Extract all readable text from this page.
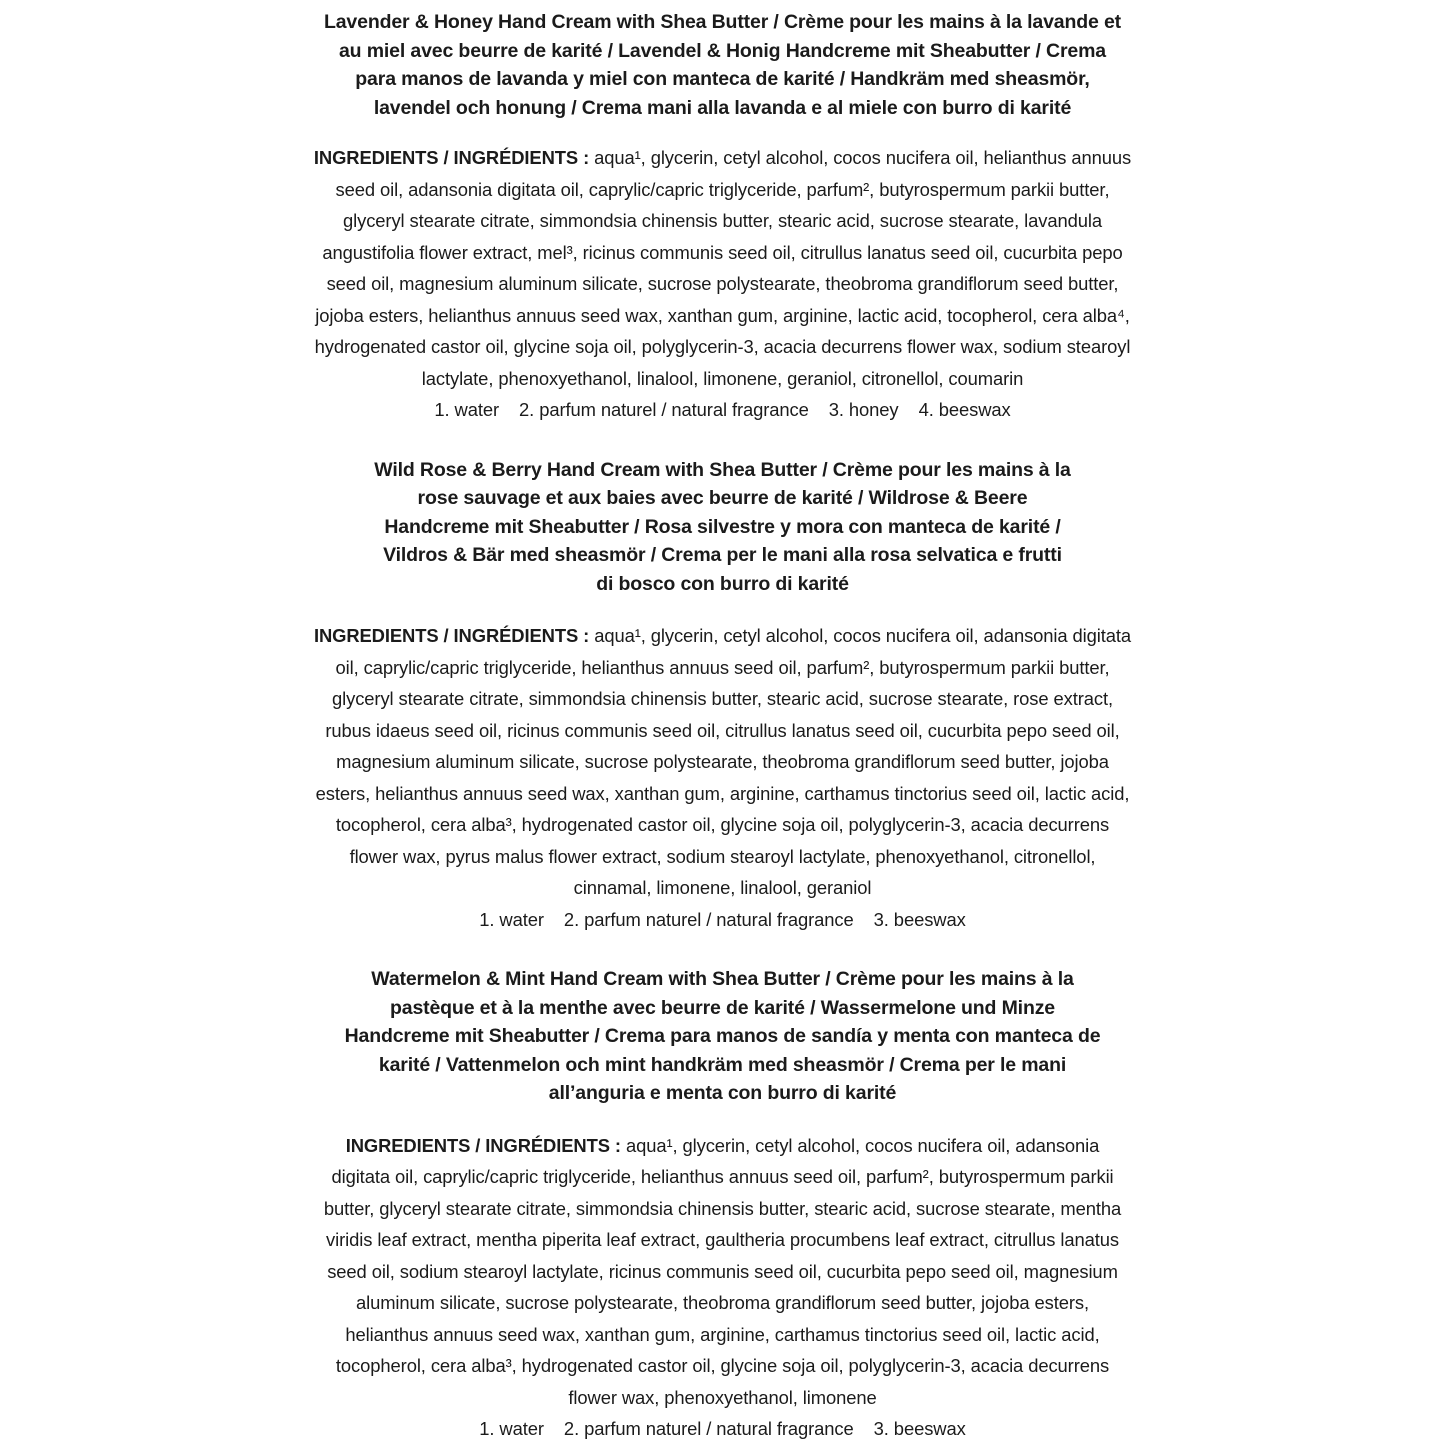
Lavender & Honey Hand Cream with Shea Butter / Crème pour les mains à la lavande et au miel avec beurre de karité / Lavendel & Honig Handcreme mit Sheabutter / Crema para manos de lavanda y miel con manteca de karité / Handkräm med sheasmör, lavendel och honung / Crema mani alla lavanda e al miele con burro di karité

INGREDIENTS / INGRÉDIENTS : aqua¹, glycerin, cetyl alcohol, cocos nucifera oil, helianthus annuus seed oil, adansonia digitata oil, caprylic/capric triglyceride, parfum², butyrospermum parkii butter, glyceryl stearate citrate, simmondsia chinensis butter, stearic acid, sucrose stearate, lavandula angustifolia flower extract, mel³, ricinus communis seed oil, citrullus lanatus seed oil, cucurbita pepo seed oil, magnesium aluminum silicate, sucrose polystearate, theobroma grandiflorum seed butter, jojoba esters, helianthus annuus seed wax, xanthan gum, arginine, lactic acid, tocopherol, cera alba⁴, hydrogenated castor oil, glycine soja oil, polyglycerin-3, acacia decurrens flower wax, sodium stearoyl lactylate, phenoxyethanol, linalool, limonene, geraniol, citronellol, coumarin

1. water    2. parfum naturel / natural fragrance    3. honey    4. beeswax

Wild Rose & Berry Hand Cream with Shea Butter / Crème pour les mains à la rose sauvage et aux baies avec beurre de karité / Wildrose & Beere Handcreme mit Sheabutter / Rosa silvestre y mora con manteca de karité / Vildros & Bär med sheasmör / Crema per le mani alla rosa selvatica e frutti di bosco con burro di karité

INGREDIENTS / INGRÉDIENTS : aqua¹, glycerin, cetyl alcohol, cocos nucifera oil, adansonia digitata oil, caprylic/capric triglyceride, helianthus annuus seed oil, parfum², butyrospermum parkii butter, glyceryl stearate citrate, simmondsia chinensis butter, stearic acid, sucrose stearate, rose extract, rubus idaeus seed oil, ricinus communis seed oil, citrullus lanatus seed oil, cucurbita pepo seed oil, magnesium aluminum silicate, sucrose polystearate, theobroma grandiflorum seed butter, jojoba esters, helianthus annuus seed wax, xanthan gum, arginine, carthamus tinctorius seed oil, lactic acid, tocopherol, cera alba³, hydrogenated castor oil, glycine soja oil, polyglycerin-3, acacia decurrens flower wax, pyrus malus flower extract, sodium stearoyl lactylate, phenoxyethanol, citronellol, cinnamal, limonene, linalool, geraniol

1. water    2. parfum naturel / natural fragrance    3. beeswax

Watermelon & Mint Hand Cream with Shea Butter / Crème pour les mains à la pastèque et à la menthe avec beurre de karité / Wassermelone und Minze Handcreme mit Sheabutter / Crema para manos de sandía y menta con manteca de karité / Vattenmelon och mint handkräm med sheasmör / Crema per le mani all’anguria e menta con burro di karité

INGREDIENTS / INGRÉDIENTS : aqua¹, glycerin, cetyl alcohol, cocos nucifera oil, adansonia digitata oil, caprylic/capric triglyceride, helianthus annuus seed oil, parfum², butyrospermum parkii butter, glyceryl stearate citrate, simmondsia chinensis butter, stearic acid, sucrose stearate, mentha viridis leaf extract, mentha piperita leaf extract, gaultheria procumbens leaf extract, citrullus lanatus seed oil, sodium stearoyl lactylate, ricinus communis seed oil, cucurbita pepo seed oil, magnesium aluminum silicate, sucrose polystearate, theobroma grandiflorum seed butter, jojoba esters, helianthus annuus seed wax, xanthan gum, arginine, carthamus tinctorius seed oil, lactic acid, tocopherol, cera alba³, hydrogenated castor oil, glycine soja oil, polyglycerin-3, acacia decurrens flower wax, phenoxyethanol, limonene

1. water    2. parfum naturel / natural fragrance    3. beeswax
